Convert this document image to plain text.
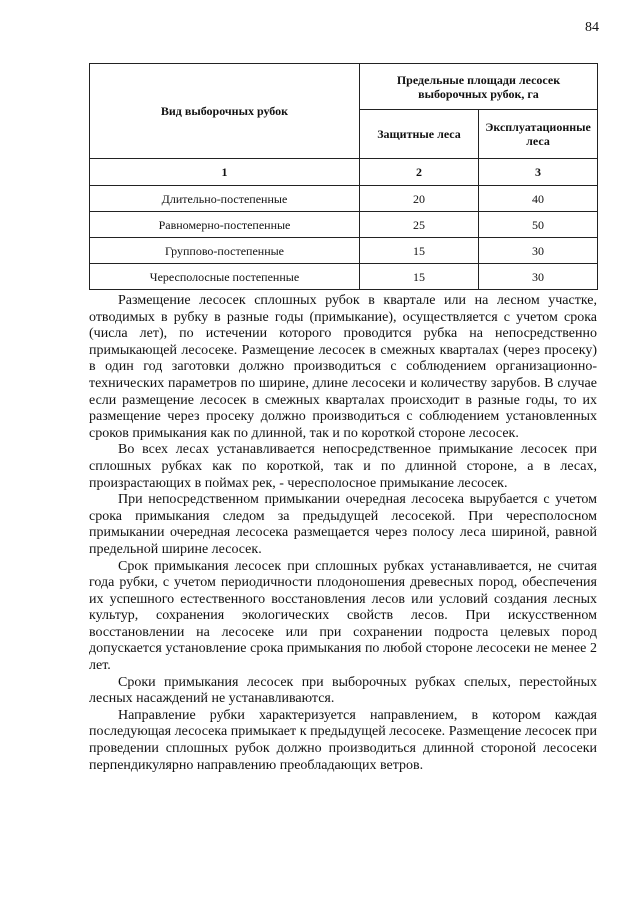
84
Вид выборочных рубок	Предельные площади лесосек выборочных рубок, га	
	Защитные леса	Эксплуатационные леса
1	2	3
Длительно-постепенные	20	40
Равномерно-постепенные	25	50
Группово-постепенные	15	30
Чересполосные постепенные	15	30

Размещение лесосек сплошных рубок в квартале или на лесном участке, отводимых в рубку в разные годы (примыкание), осуществляется с учетом срока (числа лет), по истечении которого проводится рубка на непосредственно примыкающей лесосеке. Размещение лесосек в смежных кварталах (через просеку) в один год заготовки должно производиться с соблюдением организационно-технических параметров по ширине, длине лесосеки и количеству зарубов. В случае если размещение лесосек в смежных кварталах происходит в разные годы, то их размещение через просеку должно производиться с соблюдением установленных сроков примыкания как по длинной, так и по короткой стороне лесосек.

Во всех лесах устанавливается непосредственное примыкание лесосек при сплошных рубках как по короткой, так и по длинной стороне, а в лесах, произрастающих в поймах рек, - чересполосное примыкание лесосек.

При непосредственном примыкании очередная лесосека вырубается с учетом срока примыкания следом за предыдущей лесосекой. При чересполосном примыкании очередная лесосека размещается через полосу леса шириной, равной предельной ширине лесосек.

Срок примыкания лесосек при сплошных рубках устанавливается, не считая года рубки, с учетом периодичности плодоношения древесных пород, обеспечения их успешного естественного восстановления лесов или условий создания лесных культур, сохранения экологических свойств лесов. При искусственном восстановлении на лесосеке или при сохранении подроста целевых пород допускается установление срока примыкания по любой стороне лесосеки не менее 2 лет.

Сроки примыкания лесосек при выборочных рубках спелых, перестойных лесных насаждений не устанавливаются.

Направление рубки характеризуется направлением, в котором каждая последующая лесосека примыкает к предыдущей лесосеке. Размещение лесосек при проведении сплошных рубок должно производиться длинной стороной лесосеки перпендикулярно направлению преобладающих ветров.
